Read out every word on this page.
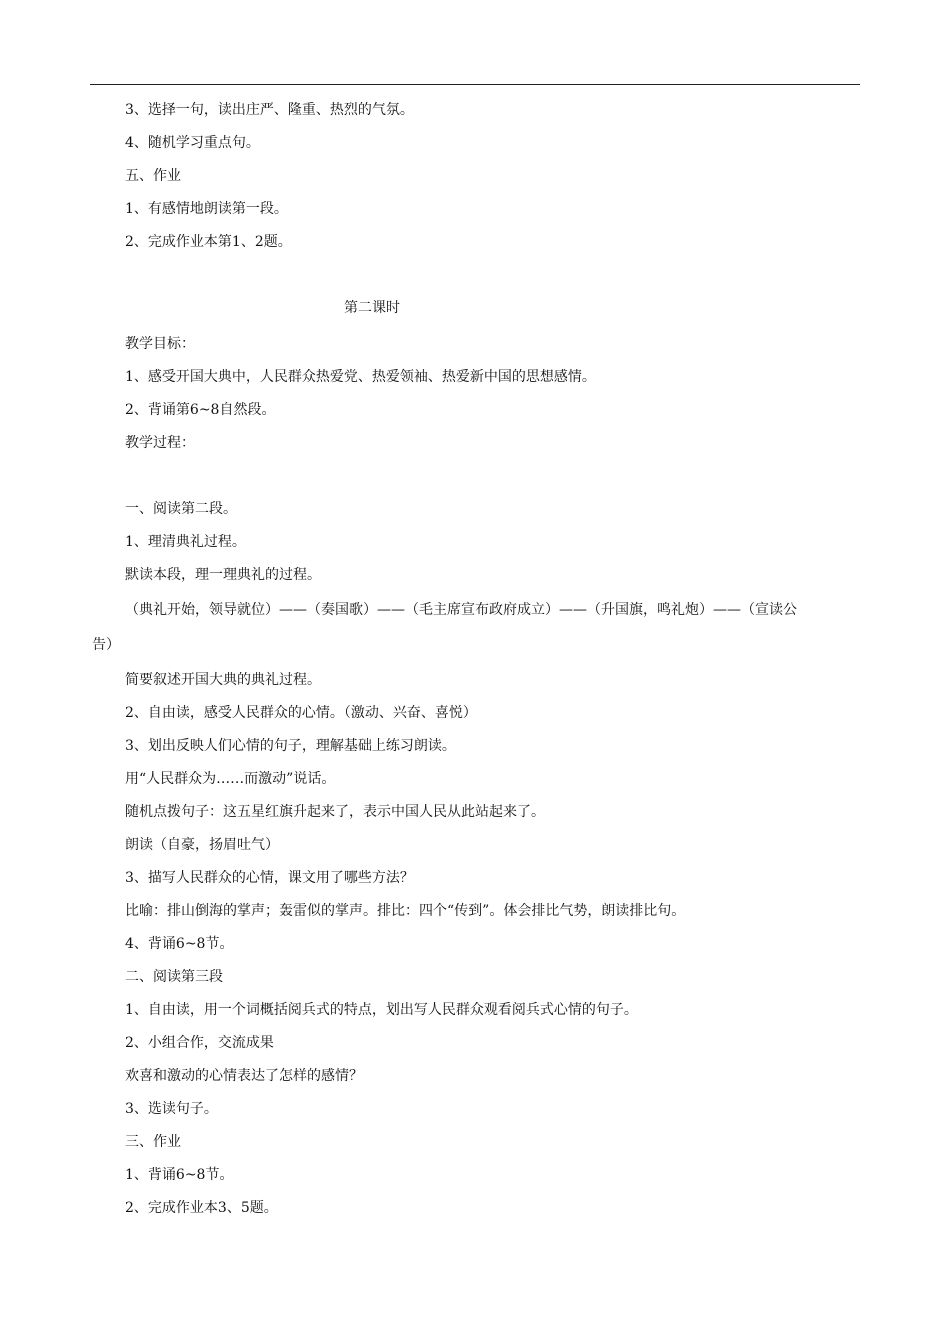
3、选择一句，读出庄严、隆重、热烈的气氛。
4、随机学习重点句。
五、作业
1、有感情地朗读第一段。
2、完成作业本第1、2题。
第二课时
教学目标：
1、感受开国大典中，人民群众热爱党、热爱领袖、热爱新中国的思想感情。
2、背诵第6~8自然段。
教学过程：
一、阅读第二段。
1、理清典礼过程。
默读本段，理一理典礼的过程。
（典礼开始，领导就位）——（奏国歌）——（毛主席宣布政府成立）——（升国旗，鸣礼炮）——（宣读公
告）
简要叙述开国大典的典礼过程。
2、自由读，感受人民群众的心情。（激动、兴奋、喜悦）
3、划出反映人们心情的句子，理解基础上练习朗读。
用“人民群众为……而激动”说话。
随机点拨句子：这五星红旗升起来了，表示中国人民从此站起来了。
朗读（自豪，扬眉吐气）
3、描写人民群众的心情，课文用了哪些方法？
比喻：排山倒海的掌声；轰雷似的掌声。排比：四个“传到”。体会排比气势，朗读排比句。
4、背诵6~8节。
二、阅读第三段
1、自由读，用一个词概括阅兵式的特点，划出写人民群众观看阅兵式心情的句子。
2、小组合作，交流成果
欢喜和激动的心情表达了怎样的感情？
3、选读句子。
三、作业
1、背诵6~8节。
2、完成作业本3、5题。
